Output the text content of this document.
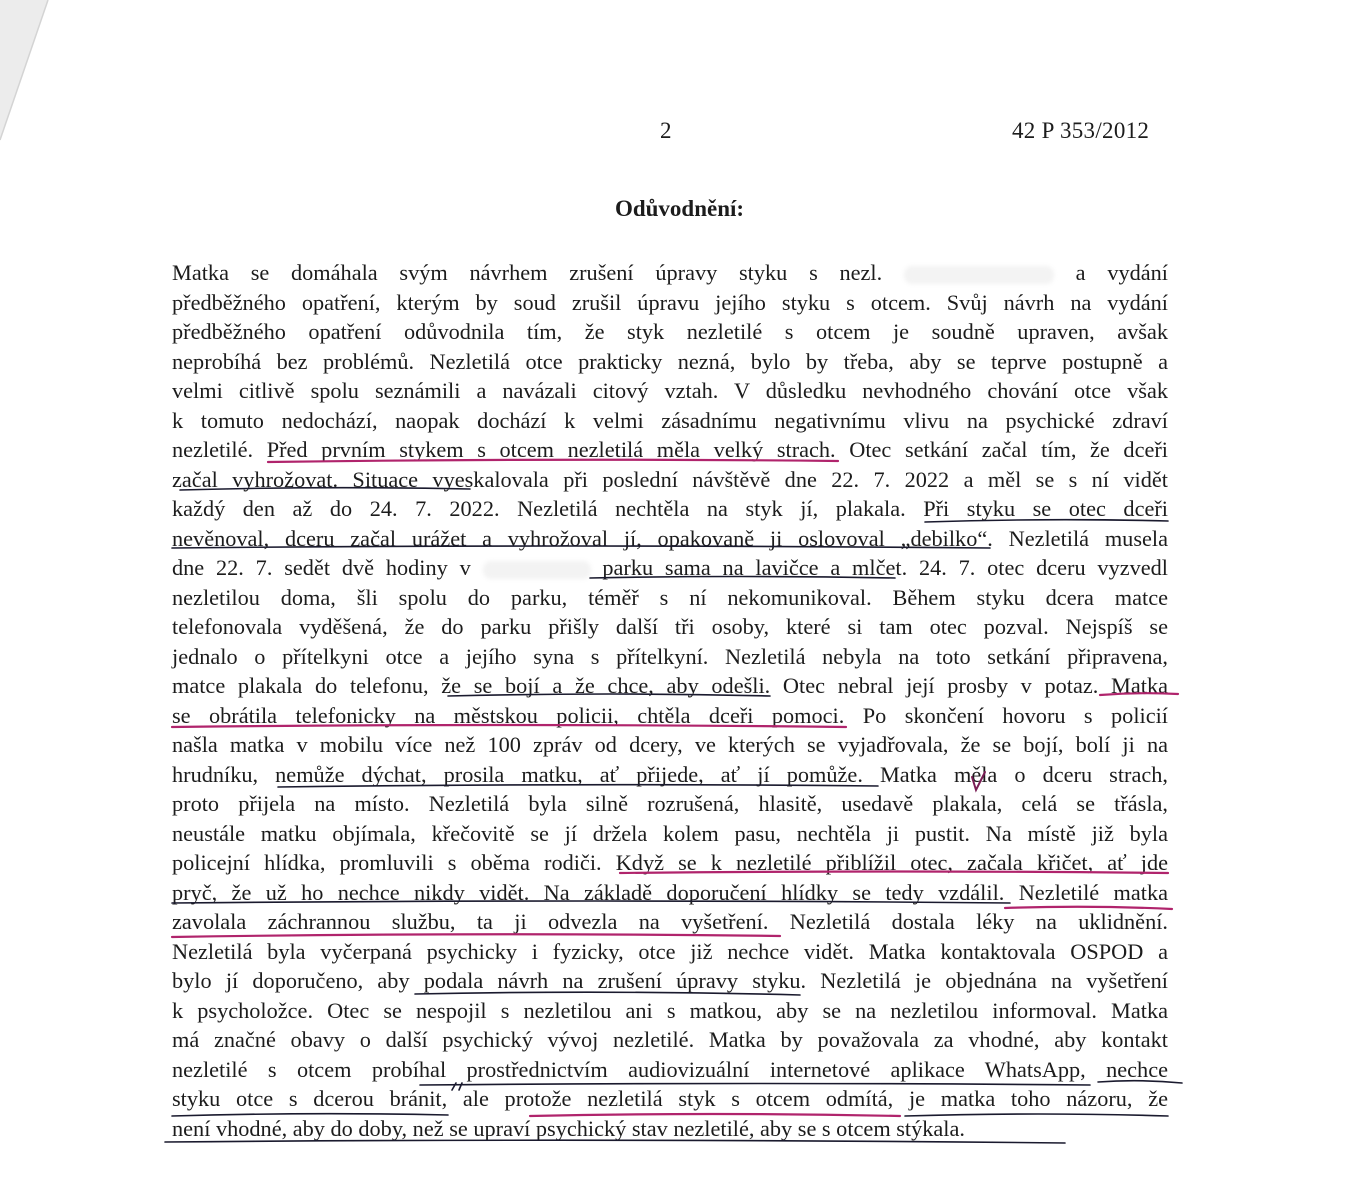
2	42 P 353/2012
Odůvodnění:
Matka se domáhala svým návrhem zrušení úpravy styku s nezl.	a vydání
předběžného opatření, kterým by soud zrušil úpravu jejího styku s otcem. Svůj návrh na vydání
předběžného opatření odůvodnila tím, že styk nezletilé s otcem je soudně upraven, avšak
neprobíhá bez problémů. Nezletilá otce prakticky nezná, bylo by třeba, aby se teprve postupně a
velmi citlivě spolu seznámili a navázali citový vztah. V důsledku nevhodného chování otce však
k tomuto nedochází, naopak dochází k velmi zásadnímu negativnímu vlivu na psychické zdraví
nezletilé. Před prvním stykem s otcem nezletilá měla velký strach. Otec setkání začal tím, že dceři
začal vyhrožovat. Situace vyeskalovala při poslední návštěvě dne 22. 7. 2022 a měl se s ní vidět
každý den až do 24. 7. 2022. Nezletilá nechtěla na styk jí, plakala. Při styku se otec dceři
nevěnoval, dceru začal urážet a vyhrožoval jí, opakovaně ji oslovoval „debilko“. Nezletilá musela
dne 22. 7. sedět dvě hodiny v	parku sama na lavičce a mlčet. 24. 7. otec dceru vyzvedl
nezletilou doma, šli spolu do parku, téměř s ní nekomunikoval. Během styku dcera matce
telefonovala vyděšená, že do parku přišly další tři osoby, které si tam otec pozval. Nejspíš se
jednalo o přítelkyni otce a jejího syna s přítelkyní. Nezletilá nebyla na toto setkání připravena,
matce plakala do telefonu, že se bojí a že chce, aby odešli. Otec nebral její prosby v potaz. Matka
se obrátila telefonicky na městskou policii, chtěla dceři pomoci. Po skončení hovoru s policií
našla matka v mobilu více než 100 zpráv od dcery, ve kterých se vyjadřovala, že se bojí, bolí ji na
hrudníku, nemůže dýchat, prosila matku, ať přijede, ať jí pomůže. Matka měla o dceru strach,
proto přijela na místo. Nezletilá byla silně rozrušená, hlasitě, usedavě plakala, celá se třásla,
neustále matku objímala, křečovitě se jí držela kolem pasu, nechtěla ji pustit. Na místě již byla
policejní hlídka, promluvili s oběma rodiči. Když se k nezletilé přiblížil otec, začala křičet, ať jde
pryč, že už ho nechce nikdy vidět. Na základě doporučení hlídky se tedy vzdálil. Nezletilé matka
zavolala záchrannou službu, ta ji odvezla na vyšetření. Nezletilá dostala léky na uklidnění.
Nezletilá byla vyčerpaná psychicky i fyzicky, otce již nechce vidět. Matka kontaktovala OSPOD a
bylo jí doporučeno, aby podala návrh na zrušení úpravy styku. Nezletilá je objednána na vyšetření
k psycholožce. Otec se nespojil s nezletilou ani s matkou, aby se na nezletilou informoval. Matka
má značné obavy o další psychický vývoj nezletilé. Matka by považovala za vhodné, aby kontakt
nezletilé s otcem probíhal prostřednictvím audiovizuální internetové aplikace WhatsApp, nechce
styku otce s dcerou bránit, ale protože nezletilá styk s otcem odmítá, je matka toho názoru, že
není vhodné, aby do doby, než se upraví psychický stav nezletilé, aby se s otcem stýkala.
